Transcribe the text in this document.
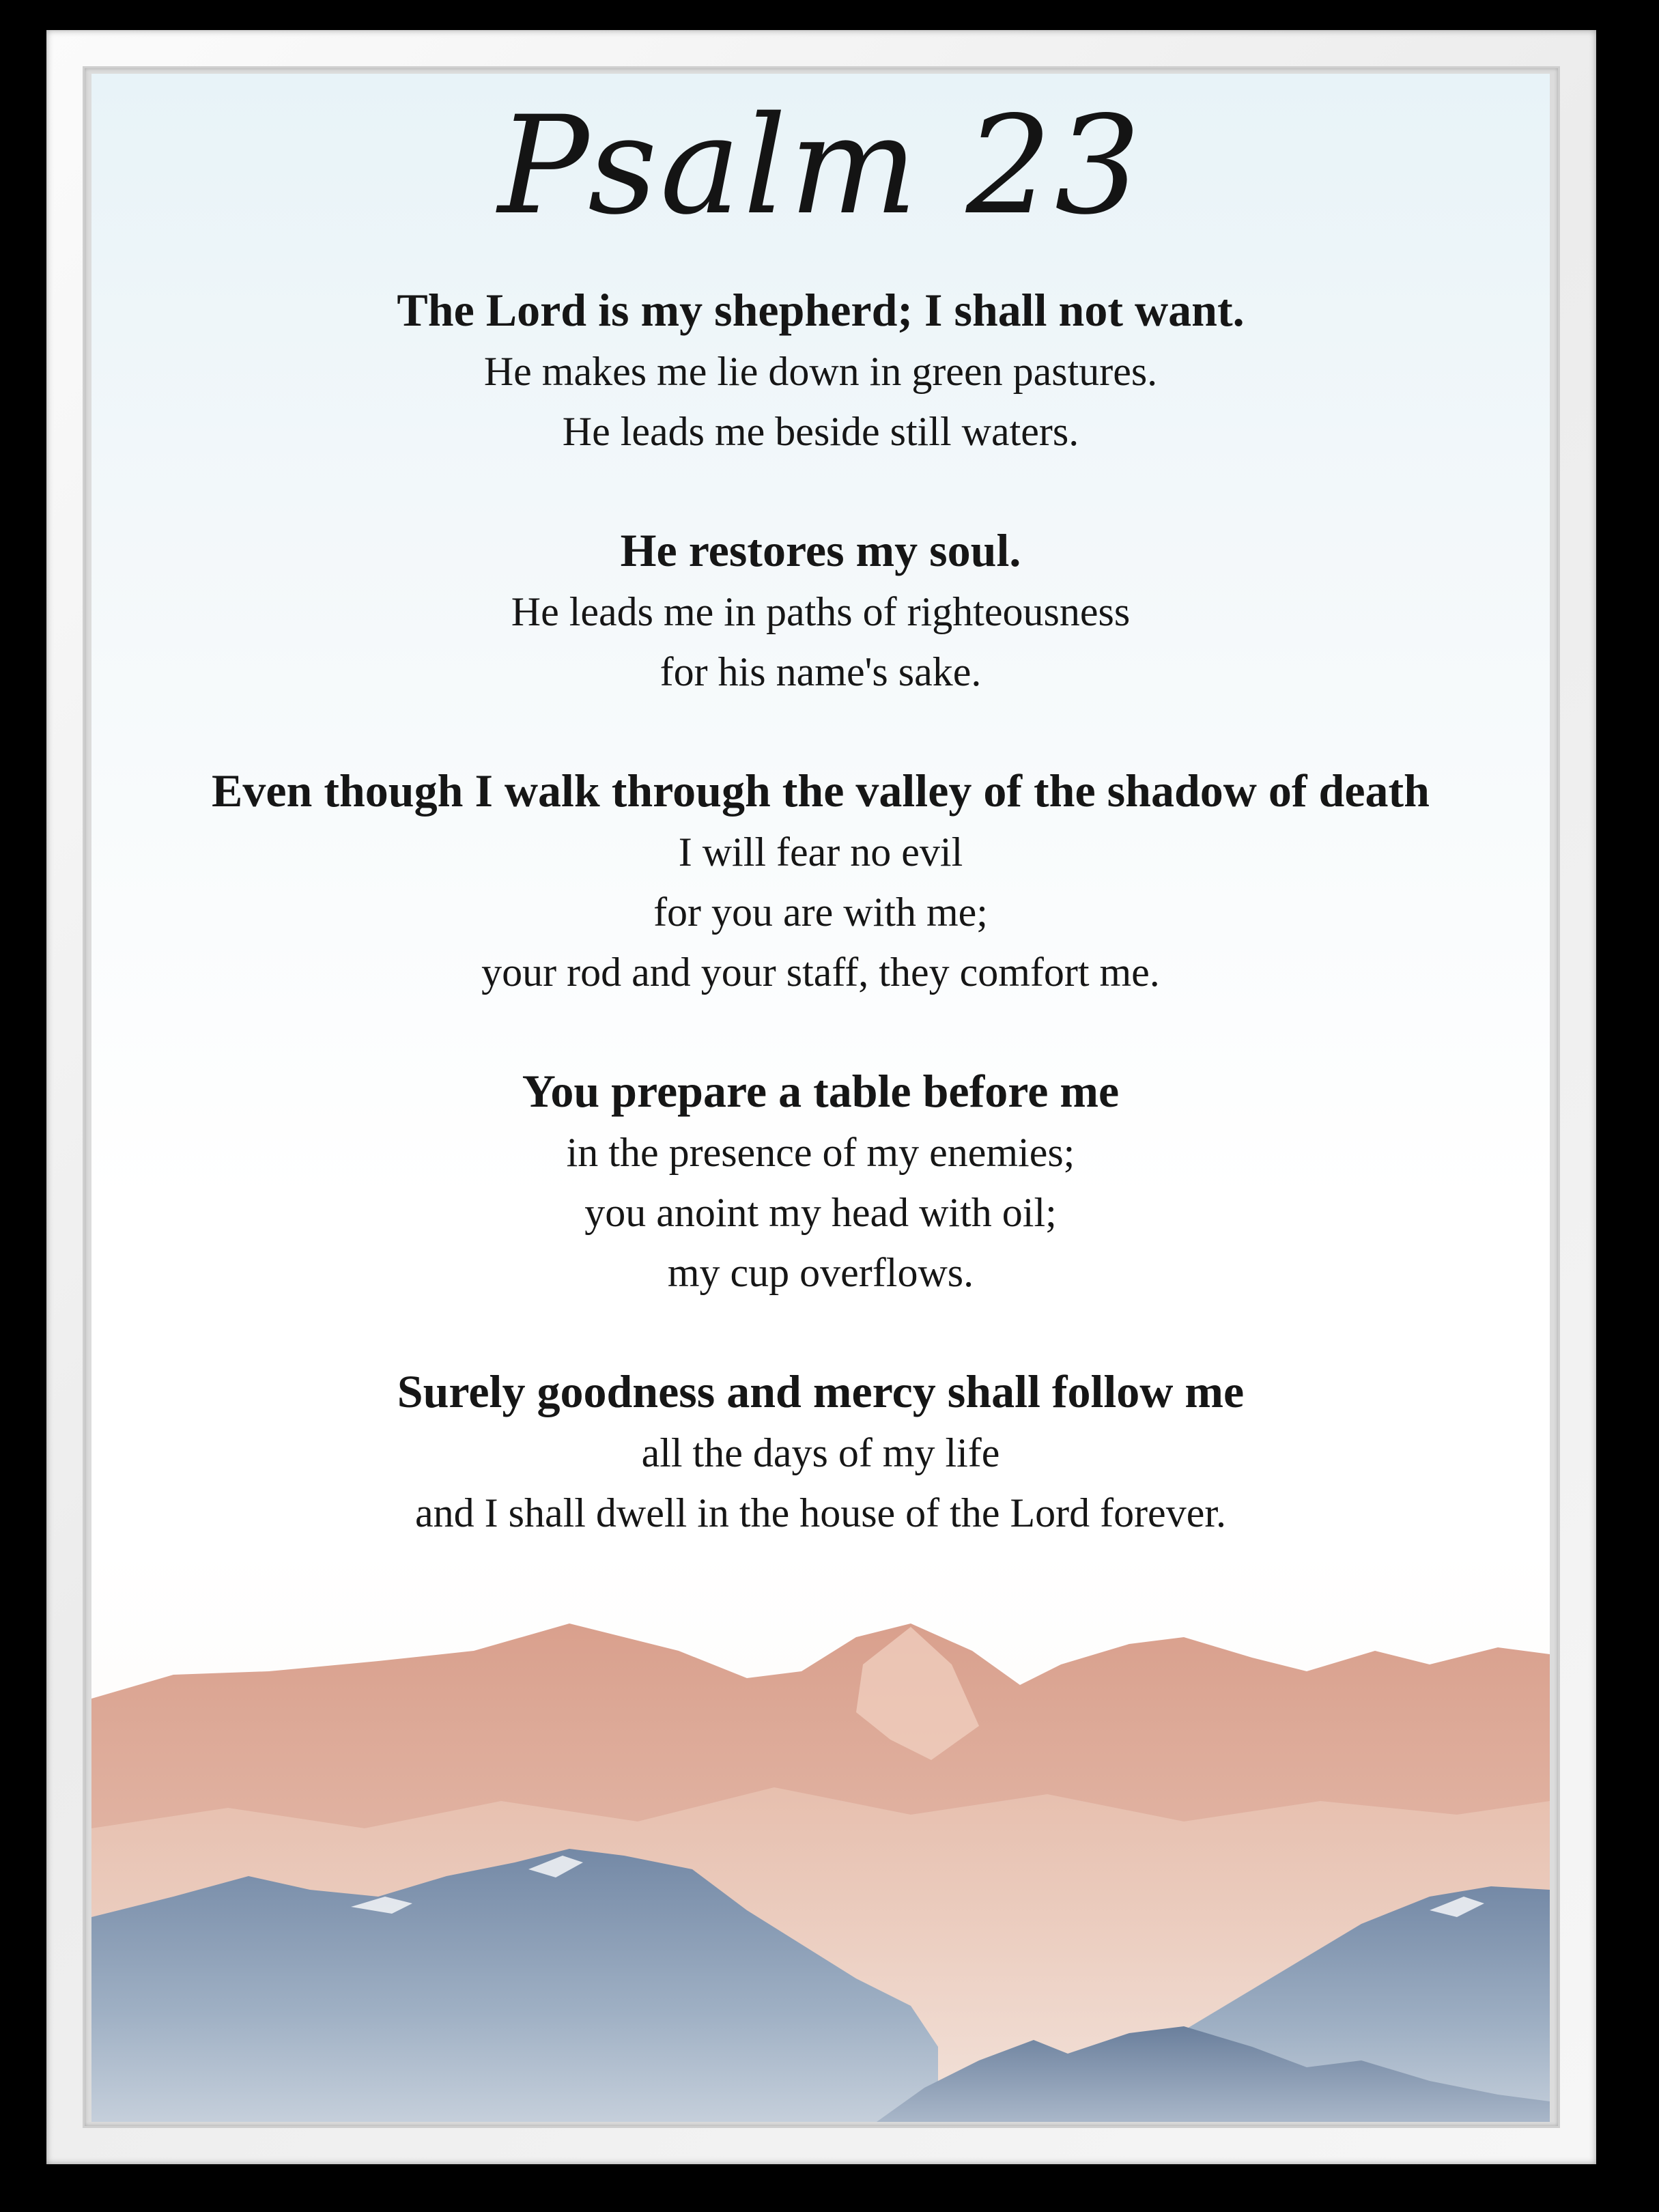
Psalm 23
The Lord is my shepherd; I shall not want.
He makes me lie down in green pastures.
He leads me beside still waters.
He restores my soul.
He leads me in paths of righteousness
for his name's sake.
Even though I walk through the valley of the shadow of death
I will fear no evil
for you are with me;
your rod and your staff, they comfort me.
You prepare a table before me
in the presence of my enemies;
you anoint my head with oil;
my cup overflows.
Surely goodness and mercy shall follow me
all the days of my life
and I shall dwell in the house of the Lord forever.
